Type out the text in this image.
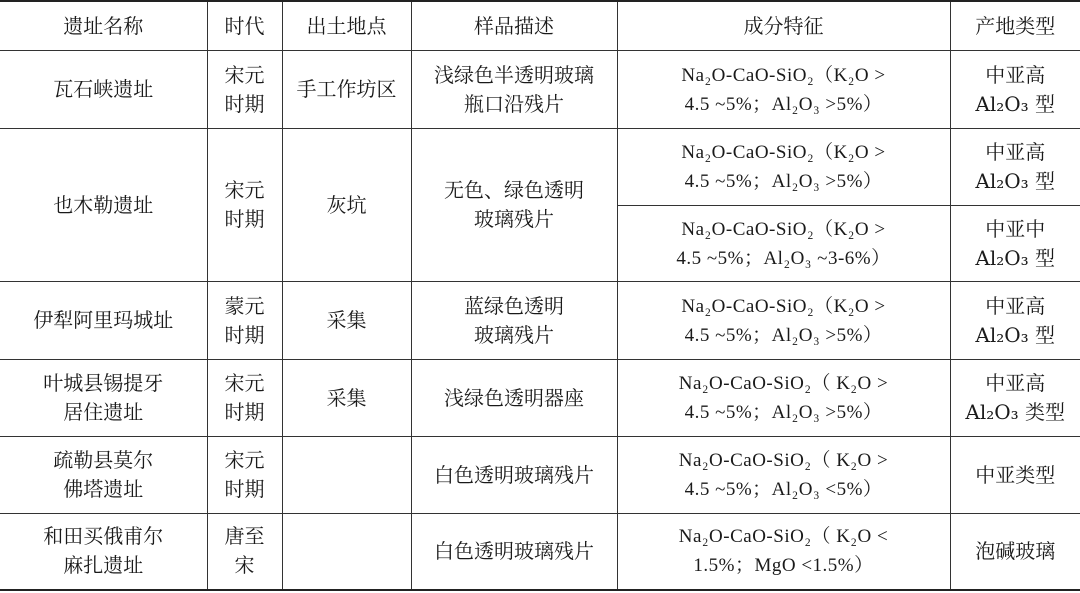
遗址名称	时代	出土地点	样品描述	成分特征	产地类型

瓦石峡遗址	宋元
时期	手工作坊区	浅绿色半透明玻璃
瓶口沿残片	Na₂O-CaO-SiO₂（K₂O >
4.5 ~5%；Al₂O₃ >5%）	中亚高
Al₂O₃ 型

也木勒遗址	宋元
时期	灰坑	无色、绿色透明
玻璃残片	Na₂O-CaO-SiO₂（K₂O >
4.5 ~5%；Al₂O₃ >5%）	中亚高
Al₂O₃ 型

				Na₂O-CaO-SiO₂（K₂O >
4.5 ~5%；Al₂O₃ ~3-6%）	中亚中
Al₂O₃ 型

伊犁阿里玛城址	蒙元
时期	采集	蓝绿色透明
玻璃残片	Na₂O-CaO-SiO₂（K₂O >
4.5 ~5%；Al₂O₃ >5%）	中亚高
Al₂O₃ 型

叶城县锡提牙
居住遗址	宋元
时期	采集	浅绿色透明器座	Na₂O-CaO-SiO₂（ K₂O >
4.5 ~5%；Al₂O₃ >5%）	中亚高
Al₂O₃ 类型

疏勒县莫尔
佛塔遗址	宋元
时期		白色透明玻璃残片	Na₂O-CaO-SiO₂（ K₂O >
4.5 ~5%；Al₂O₃ <5%）	中亚类型

和田买俄甫尔
麻扎遗址	唐至
宋		白色透明玻璃残片	Na₂O-CaO-SiO₂（ K₂O <
1.5%；MgO <1.5%）	泡碱玻璃
